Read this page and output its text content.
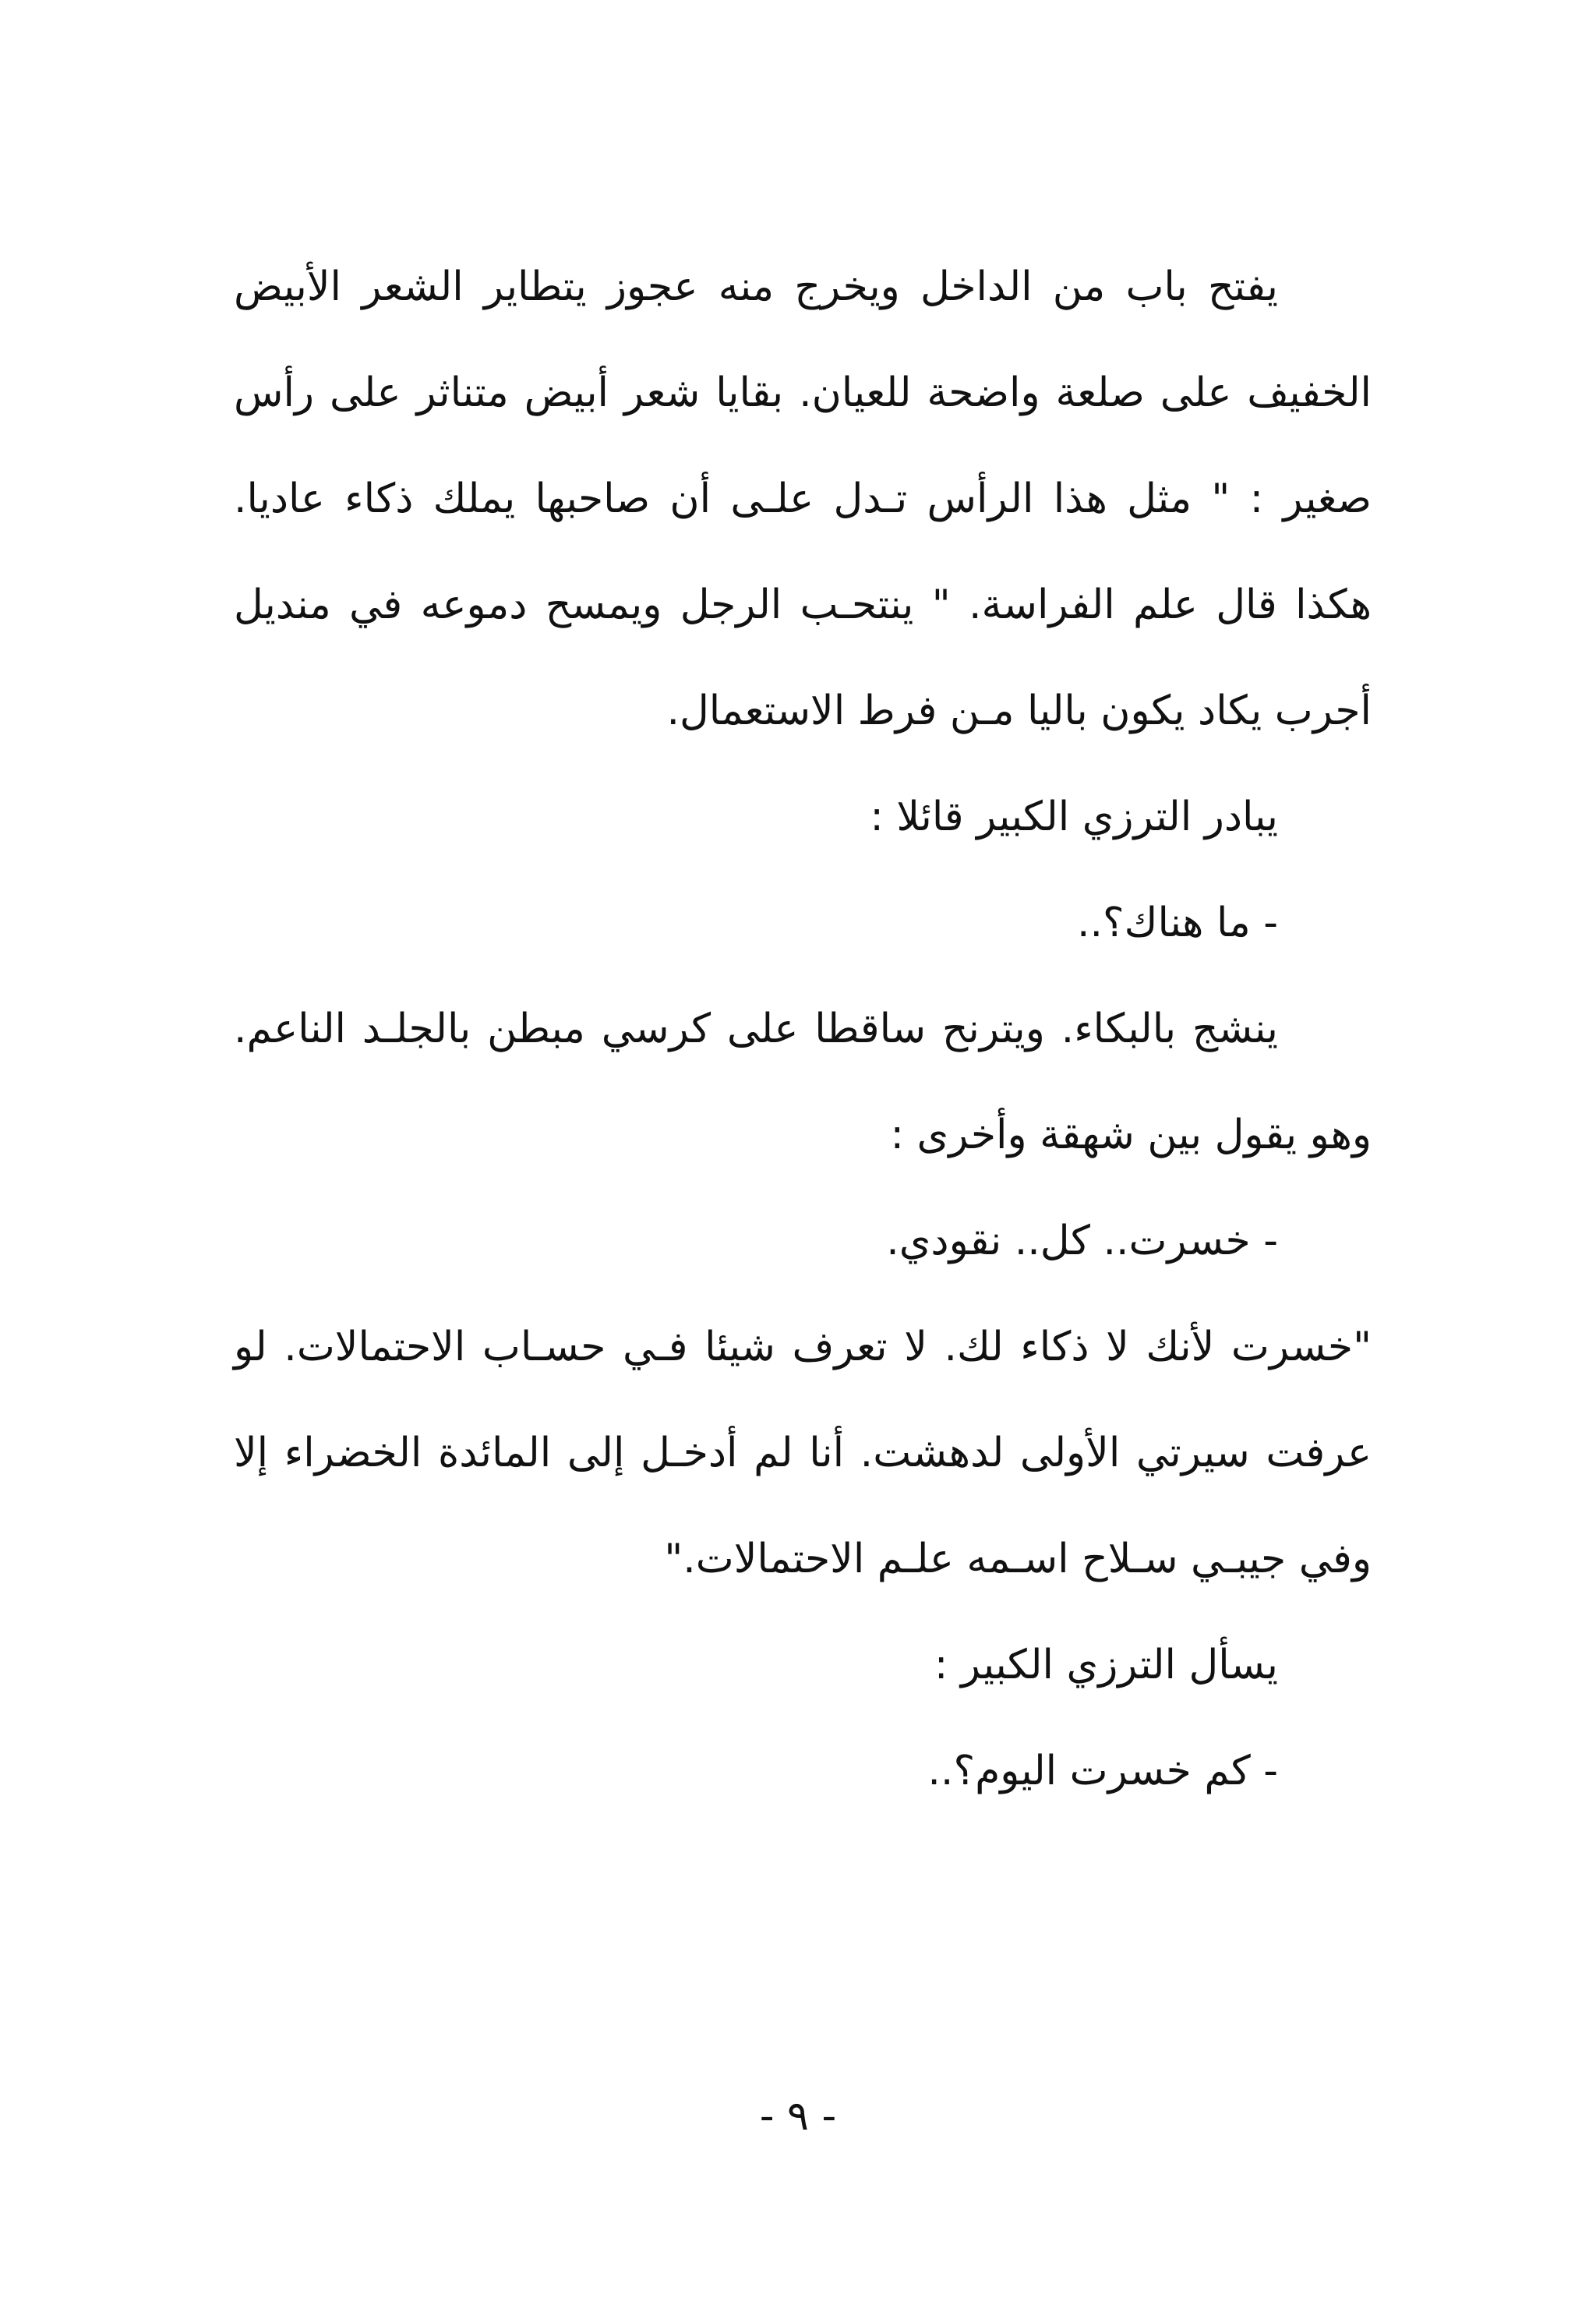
يفتح باب من الداخل ويخرج منه عجوز يتطاير الشعر الأبيض الخفيف على صلعة واضحة للعيان. بقايا شعر أبيض متناثر على رأس صغير : " مثل هذا الرأس تـدل علـى أن صاحبها يملك ذكاء عاديا. هكذا قال علم الفراسة. " ينتحـب الرجل ويمسح دموعه في منديل أجرب يكاد يكون باليا مـن فرط الاستعمال.

يبادر الترزي الكبير قائلا :

- ما هناك؟..

ينشج بالبكاء. ويترنح ساقطا على كرسي مبطن بالجلـد الناعم. وهو يقول بين شهقة وأخرى :

- خسرت.. كل.. نقودي.

"خسرت لأنك لا ذكاء لك. لا تعرف شيئا فـي حسـاب الاحتمالات. لو عرفت سيرتي الأولى لدهشت. أنا لم أدخـل إلى المائدة الخضراء إلا وفي جيبـي سـلاح اسـمه علـم الاحتمالات."

يسأل الترزي الكبير :

- كم خسرت اليوم؟..

- ٩ -
